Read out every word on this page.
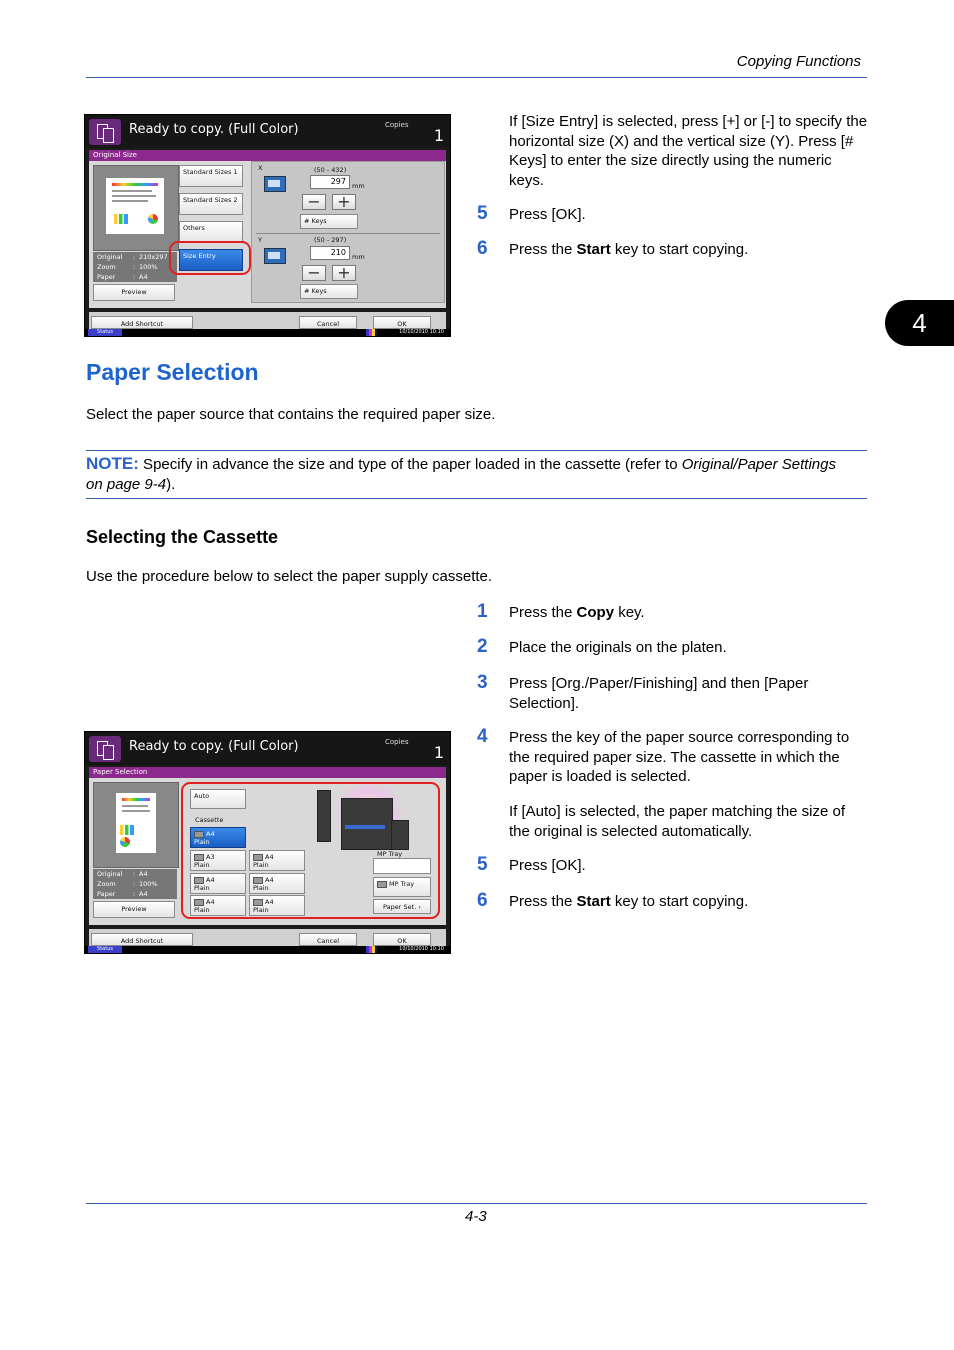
Copying Functions
4
Ready to copy. (Full Color)	Copies
1
Original Size
Original : 210x297
Zoom	: 100%
Paper	: A4
Preview
Standard Sizes 1
Standard Sizes 2
Others
Size Entry
X	(50 - 432)
297 mm
−	+
# Keys
Y	(50 - 297)
210 mm
−	+
# Keys
Add Shortcut	Cancel	OK
Status	10/10/2010 10:10
If [Size Entry] is selected, press [+] or [-] to specify the horizontal size (X) and the vertical size (Y). Press [# Keys] to enter the size directly using the numeric keys.
5 Press [OK].
6 Press the Start key to start copying.
Paper Selection
Select the paper source that contains the required paper size.
NOTE: Specify in advance the size and type of the paper loaded in the cassette (refer to Original/Paper Settings on page 9-4).
Selecting the Cassette
Use the procedure below to select the paper supply cassette.
1 Press the Copy key.
2 Place the originals on the platen.
3 Press [Org./Paper/Finishing] and then [Paper Selection].
4 Press the key of the paper source corresponding to the required paper size. The cassette in which the paper is loaded is selected.
If [Auto] is selected, the paper matching the size of the original is selected automatically.
5 Press [OK].
6 Press the Start key to start copying.
Ready to copy. (Full Color)	Copies
1
Paper Selection
Original : A4
Zoom	: 100%
Paper	: A4
Preview
Auto
Cassette
A4
Plain
A3
Plain
A4
Plain
A4
Plain
A4
Plain
A4
Plain
A4
Plain
MP Tray
MP Tray
Paper Set. ›
Add Shortcut	Cancel	OK
Status	10/10/2010 10:10
4-3
